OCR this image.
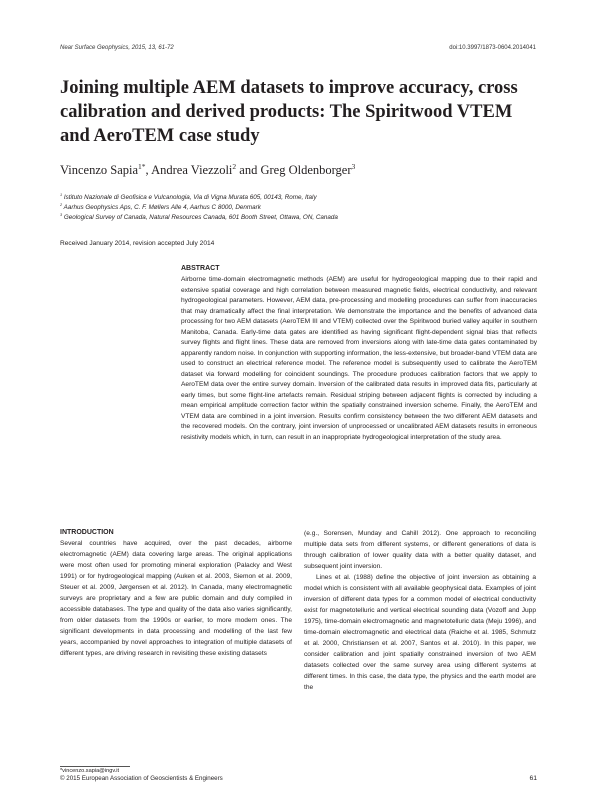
Near Surface Geophysics, 2015, 13, 61-72	doi:10.3997/1873-0604.2014041
Joining multiple AEM datasets to improve accuracy, cross calibration and derived products: The Spiritwood VTEM and AeroTEM case study
Vincenzo Sapia$^{1*}$, Andrea Viezzoli$^2$ and Greg Oldenborger$^3$
$^1$ Istituto Nazionale di Geofisica e Vulcanologia, Via di Vigna Murata 605, 00143, Rome, Italy
$^2$ Aarhus Geophysics Aps, C. F. Møllers Alle 4, Aarhus C 8000, Denmark
$^3$ Geological Survey of Canada, Natural Resources Canada, 601 Booth Street, Ottawa, ON, Canada
Received January 2014, revision accepted July 2014
ABSTRACT

Airborne time-domain electromagnetic methods (AEM) are useful for hydrogeological mapping due to their rapid and extensive spatial coverage and high correlation between measured magnetic fields, electrical conductivity, and relevant hydrogeological parameters. However, AEM data, pre-processing and modelling procedures can suffer from inaccuracies that may dramatically affect the final interpretation. We demonstrate the importance and the benefits of advanced data processing for two AEM datasets (AeroTEM III and VTEM) collected over the Spiritwood buried valley aquifer in southern Manitoba, Canada. Early-time data gates are identified as having significant flight-dependent signal bias that reflects survey flights and flight lines. These data are removed from inversions along with late-time data gates contaminated by apparently random noise. In conjunction with supporting information, the less-extensive, but broader-band VTEM data are used to construct an electrical reference model. The reference model is subsequently used to calibrate the AeroTEM dataset via forward modelling for coincident soundings. The procedure produces calibration factors that we apply to AeroTEM data over the entire survey domain. Inversion of the calibrated data results in improved data fits, particularly at early times, but some flight-line artefacts remain. Residual striping between adjacent flights is corrected by including a mean empirical amplitude correction factor within the spatially constrained inversion scheme. Finally, the AeroTEM and VTEM data are combined in a joint inversion. Results confirm consistency between the two different AEM datasets and the recovered models. On the contrary, joint inversion of unprocessed or uncalibrated AEM datasets results in erroneous resistivity models which, in turn, can result in an inappropriate hydrogeological interpretation of the study area.

INTRODUCTION

Several countries have acquired, over the past decades, airborne electromagnetic (AEM) data covering large areas. The original applications were most often used for promoting mineral exploration (Palacky and West 1991) or for hydrogeological mapping (Auken et al. 2003, Siemon et al. 2009, Steuer et al. 2009, Jørgensen et al. 2012). In Canada, many electromagnetic surveys are proprietary and a few are public domain and duly compiled in accessible databases. The type and quality of the data also varies significantly, from older datasets from the 1990s or earlier, to more modern ones. The significant developments in data processing and modelling of the last few years, accompanied by novel approaches to integration of multiple datasets of different types, are driving research in revisiting these existing datasets

(e.g., Sorensen, Munday and Cahill 2012). One approach to reconciling multiple data sets from different systems, or different generations of data is through calibration of lower quality data with a better quality dataset, and subsequent joint inversion.

Lines et al. (1988) define the objective of joint inversion as obtaining a model which is consistent with all available geophysical data. Examples of joint inversion of different data types for a common model of electrical conductivity exist for magnetotelluric and vertical electrical sounding data (Vozoff and Jupp 1975), time-domain electromagnetic and magnetotelluric data (Meju 1996), and time-domain electromagnetic and electrical data (Raiche et al. 1985, Schmutz et al. 2000, Christiansen et al. 2007, Santos et al. 2010). In this paper, we consider calibration and joint spatially constrained inversion of two AEM datasets collected over the same survey area using different systems at different times. In this case, the data type, the physics and the earth model are the

*vincenzo.sapia@ingv.it
© 2015 European Association of Geoscientists & Engineers	61
